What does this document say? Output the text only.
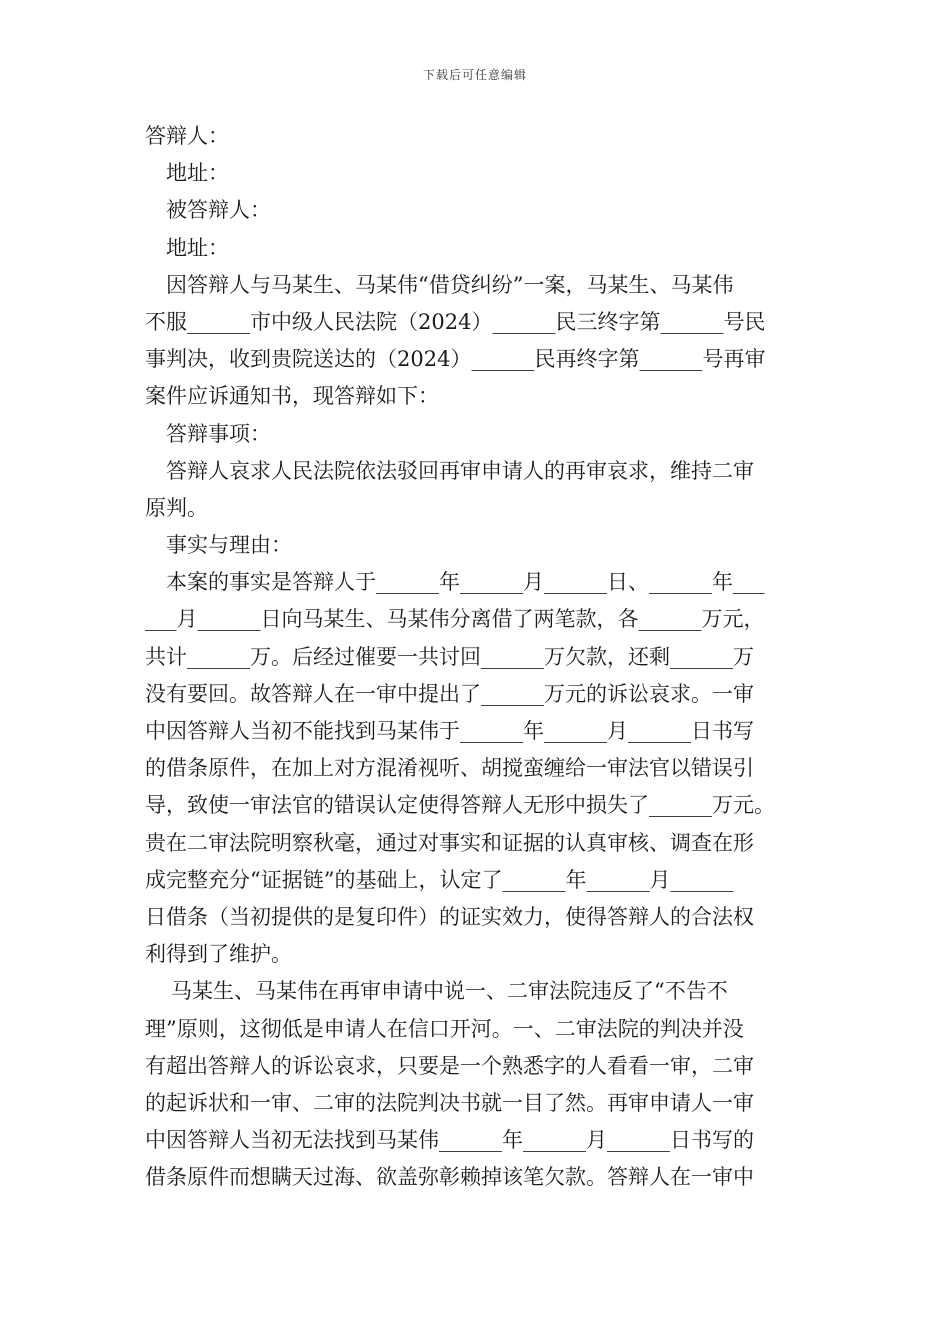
下载后可任意编辑
答辩人：
地址：
被答辩人：
地址：
因答辩人与马某生、马某伟“借贷纠纷”一案，马某生、马某伟
不服______市中级人民法院（2024）______民三终字第______号民
事判决，收到贵院送达的（2024）______民再终字第______号再审
案件应诉通知书，现答辩如下：
答辩事项：
答辩人哀求人民法院依法驳回再审申请人的再审哀求，维持二审
原判。
事实与理由：
本案的事实是答辩人于______年______月______日、______年___
___月______日向马某生、马某伟分离借了两笔款，各______万元，
共计______万。后经过催要一共讨回______万欠款，还剩______万
没有要回。故答辩人在一审中提出了______万元的诉讼哀求。一审
中因答辩人当初不能找到马某伟于______年______月______日书写
的借条原件，在加上对方混淆视听、胡搅蛮缠给一审法官以错误引
导，致使一审法官的错误认定使得答辩人无形中损失了______万元。
贵在二审法院明察秋毫，通过对事实和证据的认真审核、调查在形
成完整充分“证据链”的基础上，认定了______年______月______
日借条（当初提供的是复印件）的证实效力，使得答辩人的合法权
利得到了维护。
马某生、马某伟在再审申请中说一、二审法院违反了“不告不
理”原则，这彻低是申请人在信口开河。一、二审法院的判决并没
有超出答辩人的诉讼哀求，只要是一个熟悉字的人看看一审，二审
的起诉状和一审、二审的法院判决书就一目了然。再审申请人一审
中因答辩人当初无法找到马某伟______年______月______日书写的
借条原件而想瞒天过海、欲盖弥彰赖掉该笔欠款。答辩人在一审中
